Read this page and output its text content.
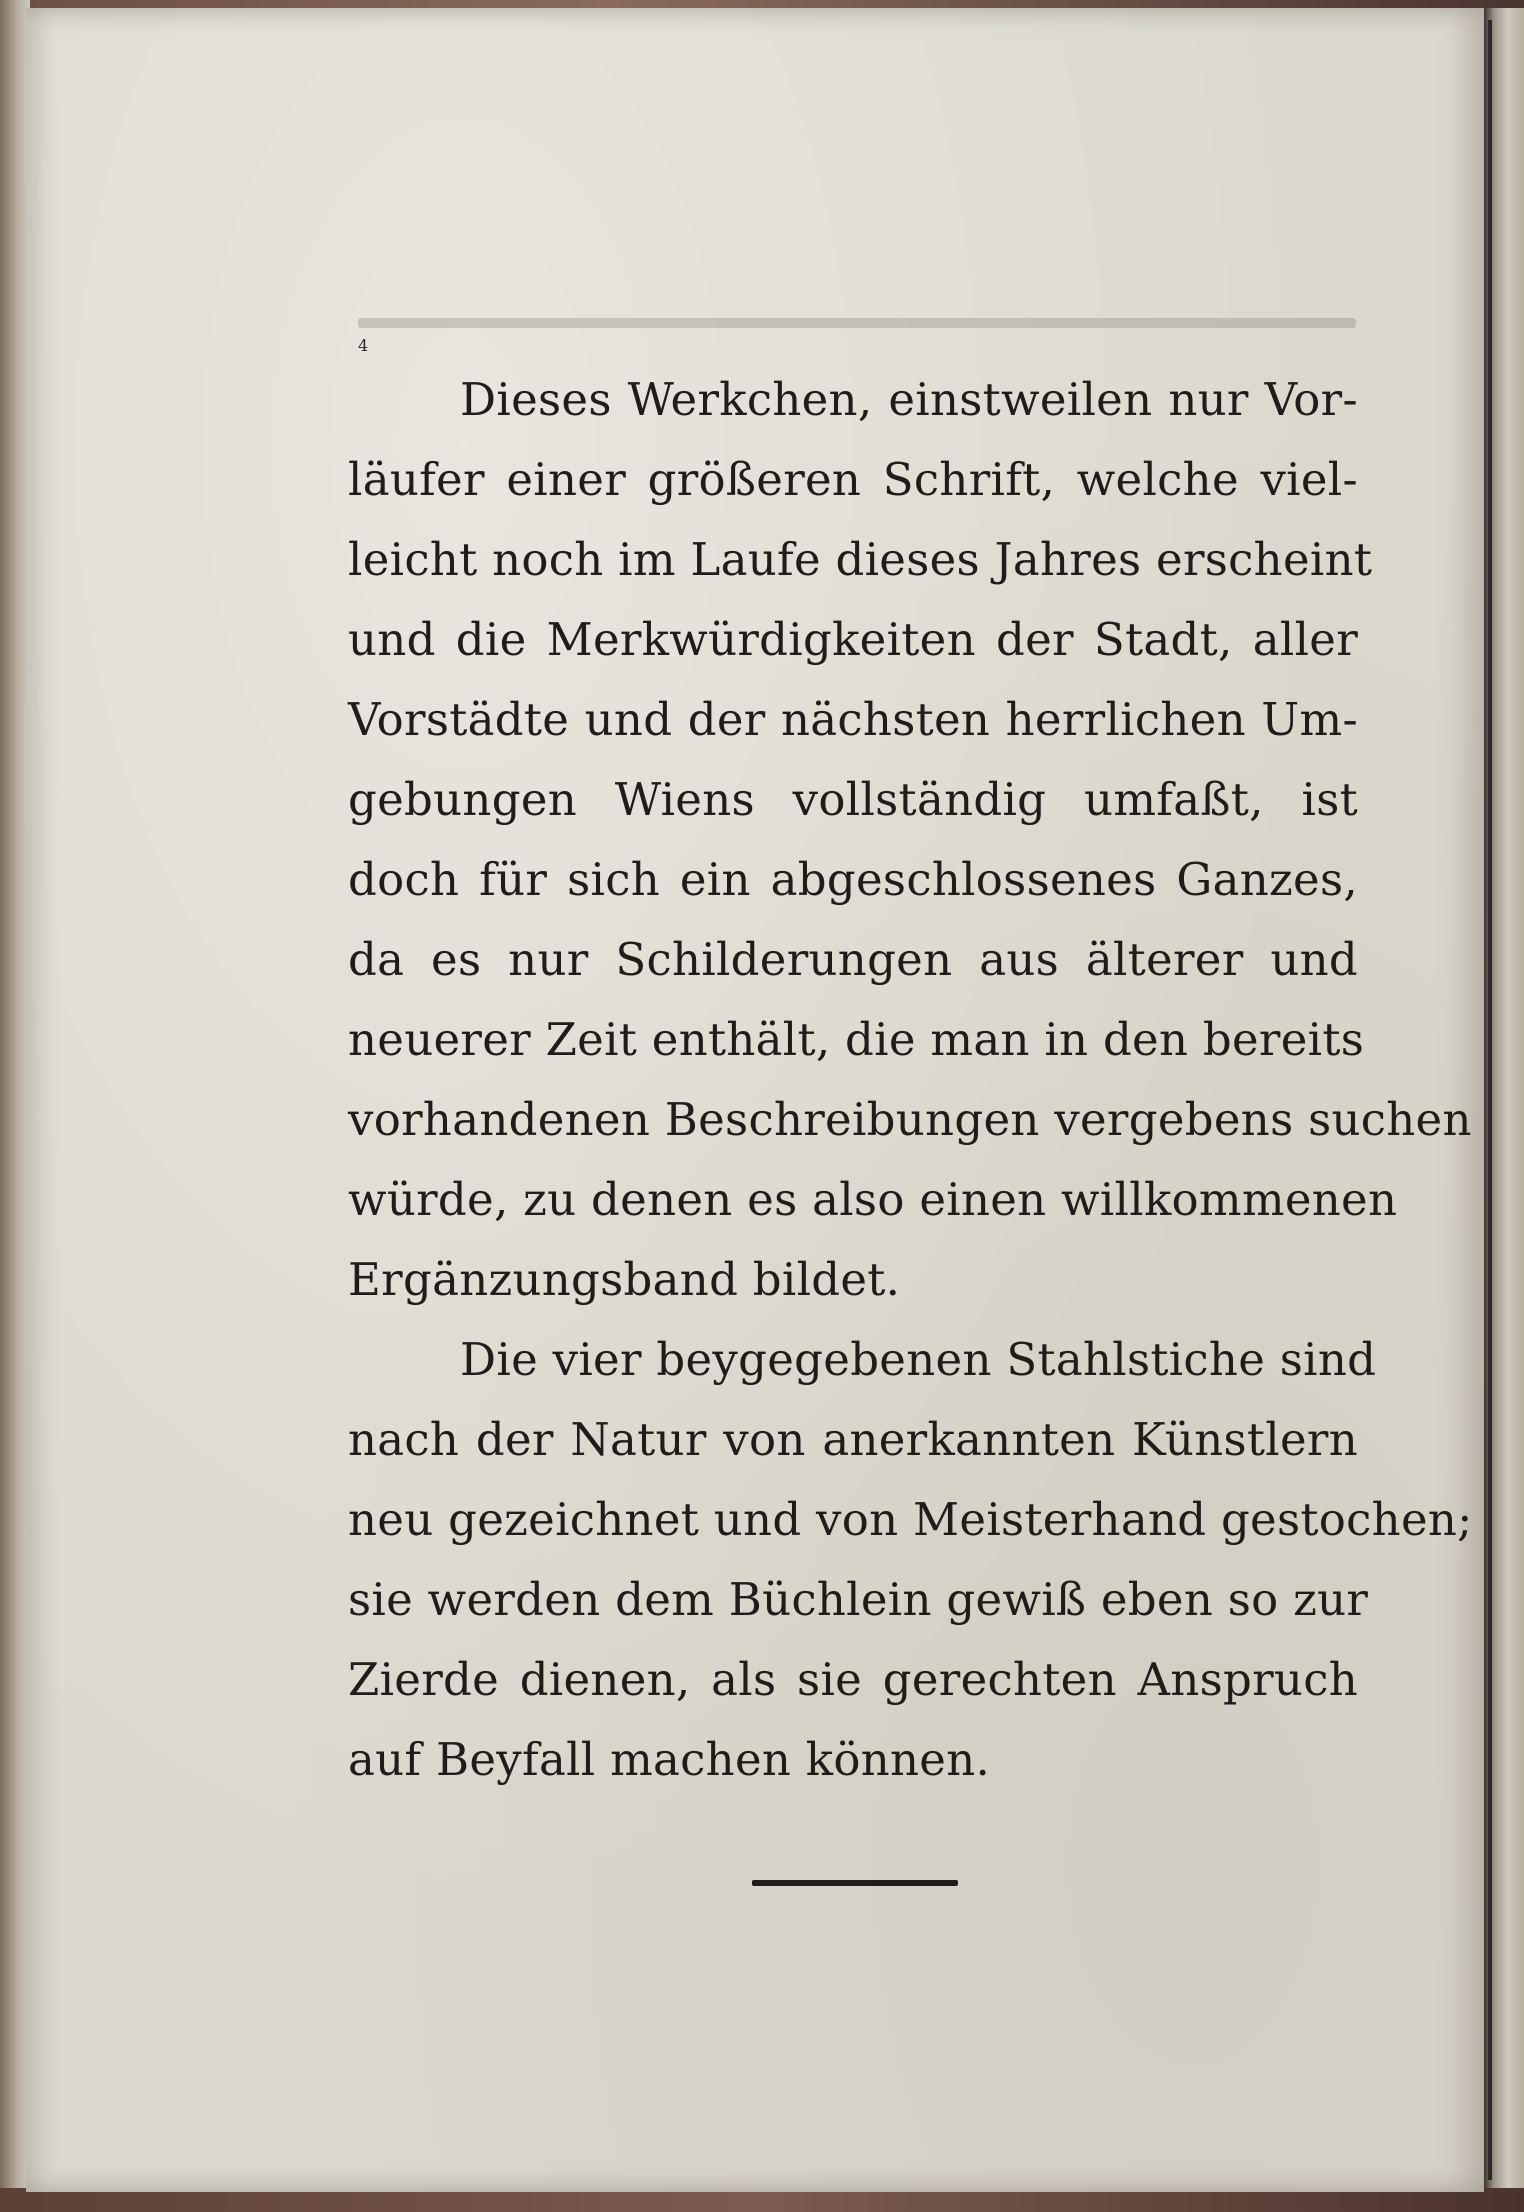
4
Dieses Werkchen, einstweilen nur Vor-
läufer einer größeren Schrift, welche viel-
leicht noch im Laufe dieses Jahres erscheint
und die Merkwürdigkeiten der Stadt, aller
Vorstädte und der nächsten herrlichen Um-
gebungen Wiens vollständig umfaßt, ist
doch für sich ein abgeschlossenes Ganzes,
da es nur Schilderungen aus älterer und
neuerer Zeit enthält, die man in den bereits
vorhandenen Beschreibungen vergebens suchen
würde, zu denen es also einen willkommenen
Ergänzungsband bildet.
Die vier beygegebenen Stahlstiche sind
nach der Natur von anerkannten Künstlern
neu gezeichnet und von Meisterhand gestochen;
sie werden dem Büchlein gewiß eben so zur
Zierde dienen, als sie gerechten Anspruch
auf Beyfall machen können.
